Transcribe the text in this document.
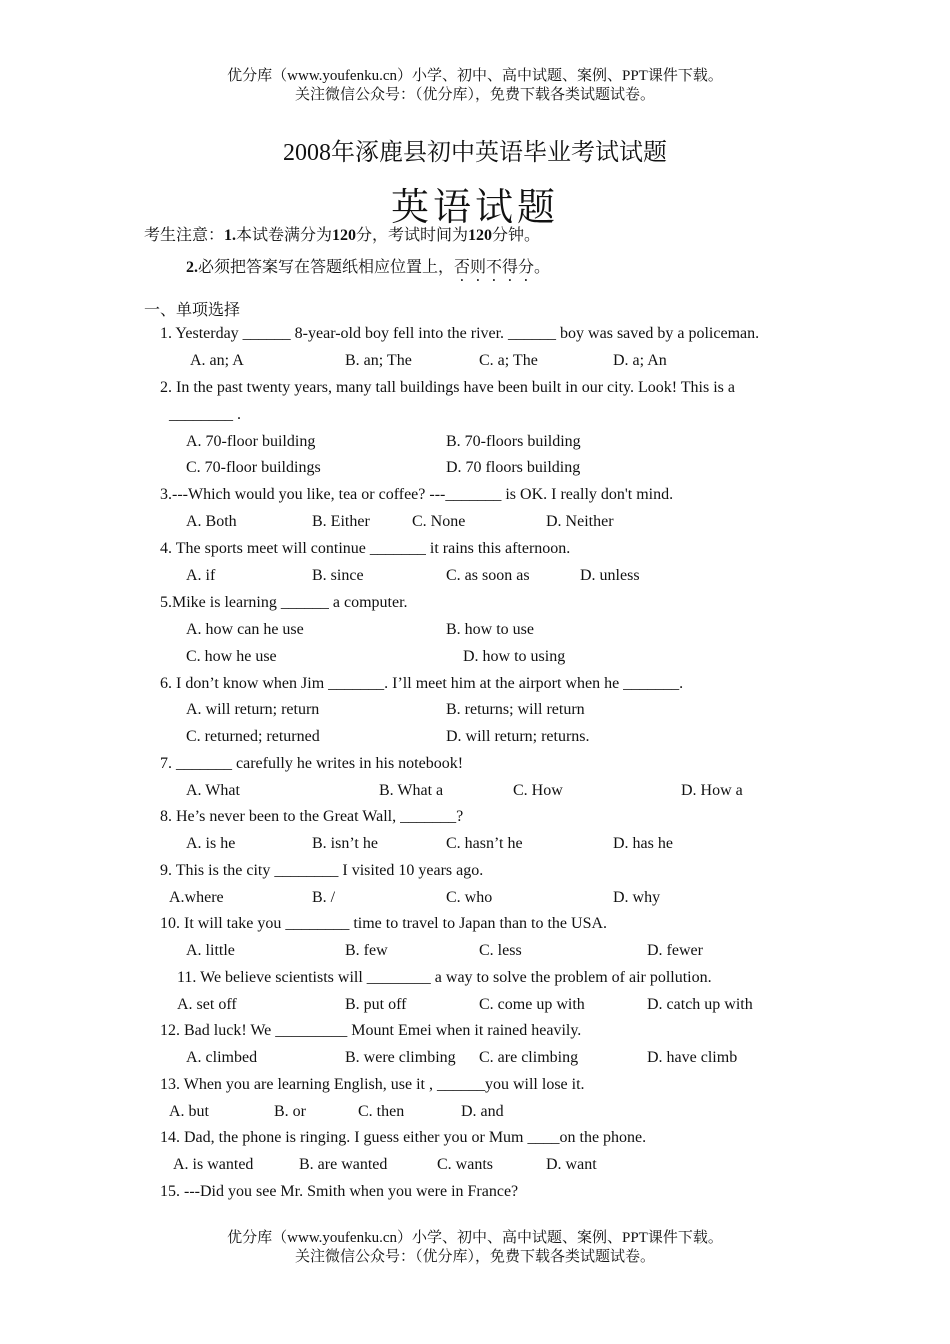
优分库（www.youfenku.cn）小学、初中、高中试题、案例、PPT课件下载。
关注微信公众号：（优分库），免费下载各类试题试卷。
2008年涿鹿县初中英语毕业考试试题
英语试题
考生注意：1.本试卷满分为120分，考试时间为120分钟。
2.必须把答案写在答题纸相应位置上，否则不得分。
一、单项选择
1. Yesterday ______ 8-year-old boy fell into the river. ______ boy was saved by a policeman.
A. an; A	B. an; The	C. a; The	D. a; An
2. In the past twenty years, many tall buildings have been built in our city. Look! This is a
________ .
A. 70-floor building	B. 70-floors building
C. 70-floor buildings	D. 70 floors building
3.---Which would you like, tea or coffee? ---_______ is OK. I really don't mind.
A. Both	B. Either	C. None	D. Neither
4. The sports meet will continue _______ it rains this afternoon.
A. if	B. since	C. as soon as	D. unless
5.Mike is learning ______ a computer.
A. how can he use	B. how to use
C. how he use	D. how to using
6. I don’t know when Jim _______. I’ll meet him at the airport when he _______.
A. will return; return	B. returns; will return
C. returned; returned	D. will return; returns.
7. _______ carefully he writes in his notebook!
A. What	B. What a	C. How	D. How a
8. He’s never been to the Great Wall, _______?
A. is he	B. isn’t he	C. hasn’t he	D. has he
9. This is the city ________ I visited 10 years ago.
A.where	B. /	C. who	D. why
10. It will take you ________ time to travel to Japan than to the USA.
A. little	B. few	C. less	D. fewer
11. We believe scientists will ________ a way to solve the problem of air pollution.
A. set off	B. put off	C. come up with	D. catch up with
12. Bad luck! We _________ Mount Emei when it rained heavily.
A. climbed	B. were climbing C. are climbing	D. have climb
13. When you are learning English, use it , ______you will lose it.
A. but	B. or	C. then	D. and
14. Dad, the phone is ringing. I guess either you or Mum ____on the phone.
A. is wanted	B. are wanted	C. wants	D. want
15. ---Did you see Mr. Smith when you were in France?
优分库（www.youfenku.cn）小学、初中、高中试题、案例、PPT课件下载。
关注微信公众号：（优分库），免费下载各类试题试卷。
